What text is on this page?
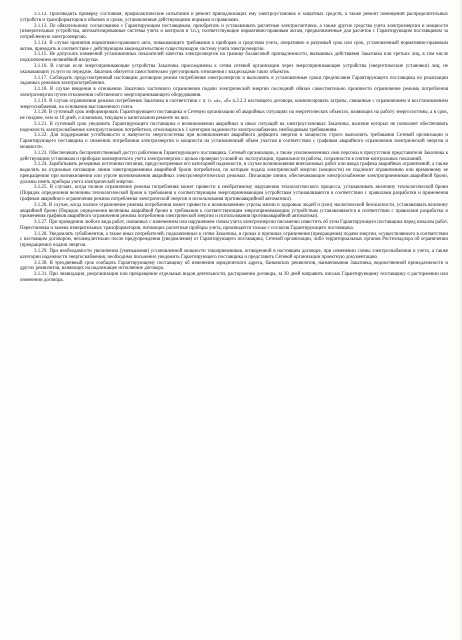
3.1.12. Производить проверку состояния, профилактические испытания и ремонт принадлежащих ему электроустановок и защитных средств, а также ремонт помещений распределительных устройств и трансформаторов в объемах и сроки, установленные действующими нормами и правилами.

3.1.13. По обязательному согласованию с Гарантирующим поставщиком, приобретать и устанавливать расчетные электросчетчики, а также другие средства учета электроэнергии и мощности (измерительные устройства, автоматизированные системы учета и контроля и т.п.), соответствующие нормативно-правовым актам, предназначенные для расчетов с Гарантирующим поставщиком за потребленную электроэнергию.

3.1.14. В случае принятия нормативно-правового акта, повышающего требования к приборам и средствам учета, оперативно в разумный срок или срок, установленный нормативно-правовым актом, приводить в соответствие с действующим законодательством существующую систему учета электроэнергии.

3.1.15. Не допускать изменений установленных показателей качества электроэнергии на границе балансовой принадлежности, вызванных действиями Заказчика или третьих лиц, в том числе подключением нелинейной нагрузки.

3.1.16. В случае если энергопринимающие устройства Заказчика присоединены к сетям сетевой организации через энергопринимающие устройства (энергетические установки) лиц, не оказывающих услуги по передаче, Заказчик обязуется самостоятельно урегулировать отношения с владельцами таких объектов.

3.1.17. Соблюдать предусмотренный настоящим договором режим потребления электроэнергии и выполнять в установленные сроки предписания Гарантирующего поставщика по реализации заданных режимов электропотребления.

3.1.18. В случае введения в отношении Заказчика частичного ограничения подачи электрической энергии последний обязан самостоятельно произвести ограничение режима потребления электроэнергии путем отключения собственного энергопринимающего оборудования.

3.1.19. В случае ограничения режима потребления Заказчика в соответствии с п. п. «а», «б» п.2.2.3 настоящего договора, компенсировать затраты, связанные с ограничением и восстановлением энергоснабжения, на основании выставленного счета.

3.1.20. В суточный срок информировать Гарантирующего поставщика и Сетевую организацию об аварийных ситуациях на энергетических объектах, влияющих на работу энергосистемы, а в срок, не позднее, чем за 10 дней, о плановом, текущем и капитальном ремонте на них.

3.1.21. В суточный срок уведомить Гарантирующего поставщика о возникновении аварийных и иных ситуаций на электроустановках Заказчика, наличие которых не позволяет обеспечивать надежность электроснабжения электроустановок потребителя, относящихся к 1 категории надежности электроснабжения, необходимым требованиям.

3.1.22. Для поддержания устойчивости и живучести энергосистемы при возникновении аварийного дефицита энергии и мощности строго выполнять требования Сетевой организации и Гарантирующего поставщика о снижении потребления электроэнергии и мощности на установленный объем участия в соответствии с графиком аварийного ограничения электрической энергии и мощности.

3.1.23. Обеспечивать беспрепятственный доступ работников Гарантирующего поставщика, Сетевой организации, а также уполномоченных ими персоны в присутствии представителя Заказчика к действующим установкам и приборам коммерческого учета электроэнергии с целью проверки условий их эксплуатации, правильности работы, сохранности в снятия контрольных показаний.

3.1.24. Заработывать резервные источники питания, предусмотренные его категорией надежности, в случае возникновения внеплановых работ или ввода графика аварийных ограничений, а также выделять на отдельные питающие линии электроприемники аварийной брони потребителя, по которым подача электрической энергии (мощности) не подлежит ограничению или временному ее прекращению при возникновении или угрозе возникновения аварийных электроэнергетических режимах. Питающие линии, обеспечивающие электроснабжение электроприемников аварийной брони, должны иметь приборы учета электрической энергии.

3.1.25. В случаях, когда полное ограничение режима потребления может привести к необратимому нарушению технологического процесса, устанавливать величину технологической брони (Порядок определения величины технологической брони в требования к соответствующим энергопринимающим устройствам устанавливаются в соответствии с правилами разработки и применения графиков аварийного ограничения режима потребления электрической энергии и использования противоаварийной автоматики).

3.1.26. В случае, когда полное ограничение режима потребления может привести к возникновению угрозы жизни и здоровью людей и (или) экологической безопасности, устанавливать величину аварийной брони (Порядок определения величины аварийной брони и требования к соответствующим энергопринимающим устройствам устанавливаются в соответствии с правилами разработки и применения графиков аварийного ограничения режима потребления электрической энергии и использования противоаварийной автоматики).

3.1.27. При проведении любого вида работ, связанных с изменением или нарушением схемы учета электроэнергии письменно известить об этом Гарантирующего поставщика перед началом работ. Перестановка и замена измерительных трансформаторов, питающих расчетные приборы учета, производятся только с согласия Гарантирующего поставщика.

3.1.28. Уведомлять субабонентов, а также иных потребителей, подключенных к сетям Заказчика, в сроках и причинах ограничения (прекращения) подачи энергии, осуществляемого в соответствии с настоящим договором, незамедлительно после предупреждения (уведомления) от Гарантирующего поставщика, Сетевой организации, либо территориальных органов Ростехнадзора об ограничении (прекращении) подачи энергии.

3.1.29. При необходимости увеличения (уменьшения) установленной мощности токоприемников, оговоренной в настоящем договоре, при изменении схемы электроснабжения и учета, а также категории надежности энергоснабжения, необходимо письменно уведомить Гарантирующего поставщика и представить Сетевой организации проектную документацию.

3.1.30. В трехдневный срок сообщать Гарантирующему поставщику об изменении юридического адреса, банковских реквизитов, наименования Заказчика, ведомственной принадлежности и других реквизитов, влияющих на надлежащее исполнение договора.

3.1.31. При ликвидации, реорганизации или прекращении отдельных видов деятельности, расторжении договора, за 30 дней направить письмо Гарантирующему поставщику о расторжении или изменении договора.
